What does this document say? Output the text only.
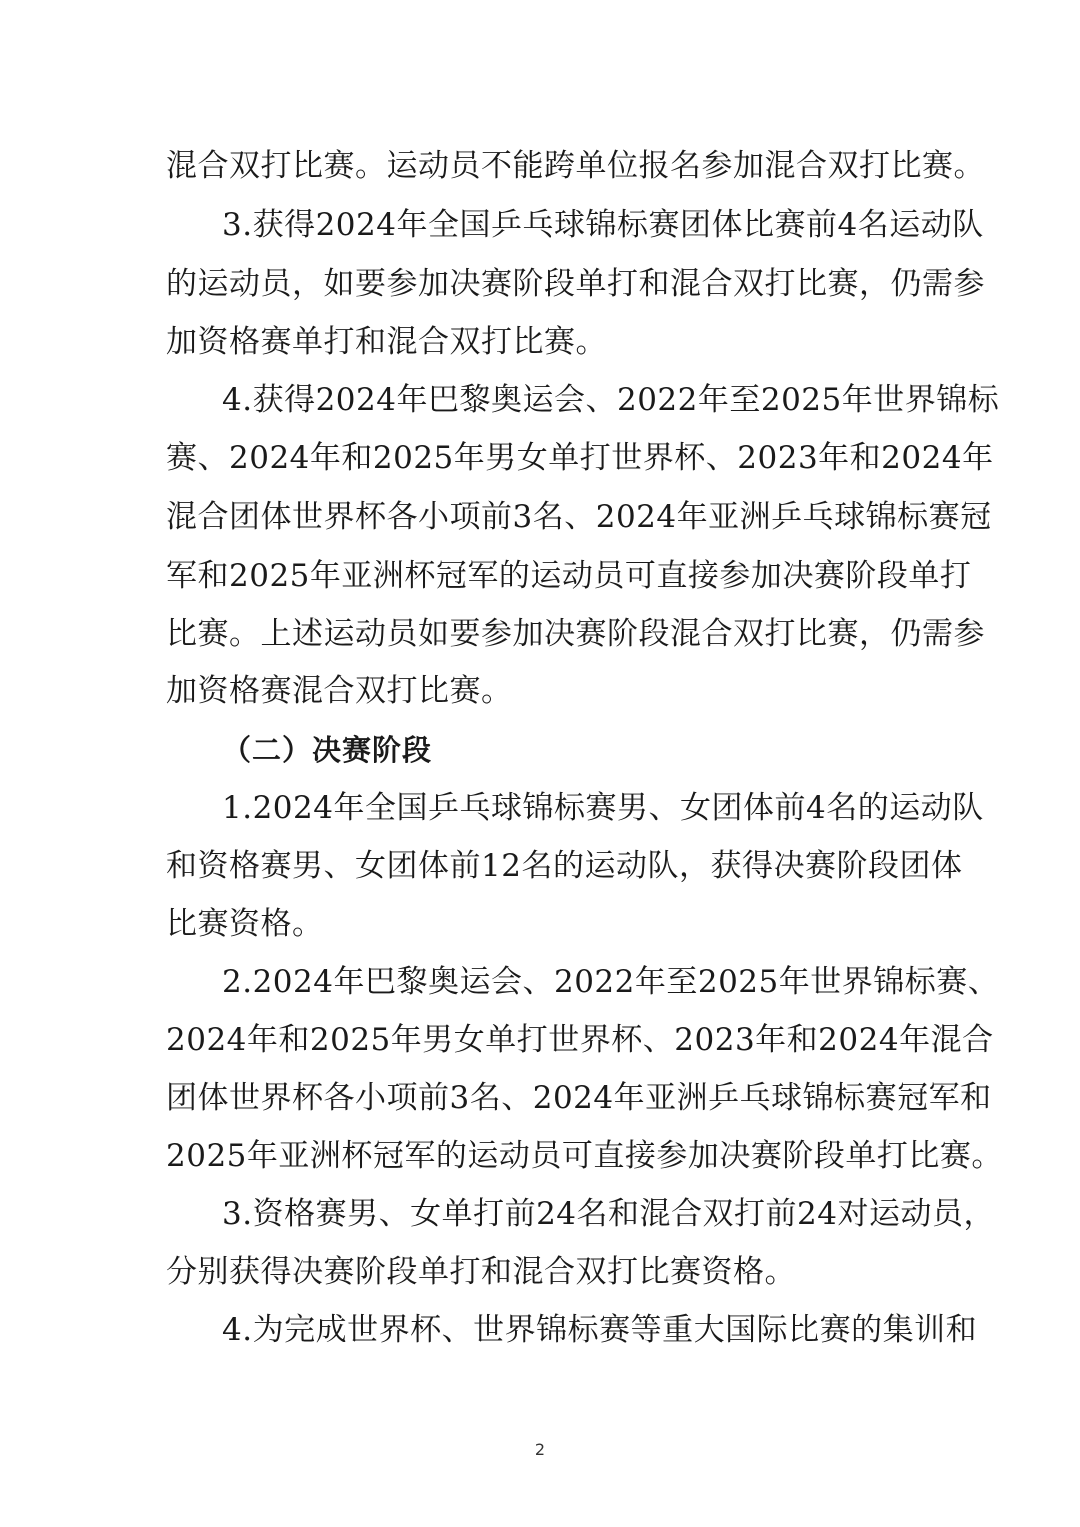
混合双打比赛。运动员不能跨单位报名参加混合双打比赛。
3.获得2024年全国乒乓球锦标赛团体比赛前4名运动队
的运动员，如要参加决赛阶段单打和混合双打比赛，仍需参
加资格赛单打和混合双打比赛。
4.获得2024年巴黎奥运会、2022年至2025年世界锦标
赛、2024年和2025年男女单打世界杯、2023年和2024年
混合团体世界杯各小项前3名、2024年亚洲乒乓球锦标赛冠
军和2025年亚洲杯冠军的运动员可直接参加决赛阶段单打
比赛。上述运动员如要参加决赛阶段混合双打比赛，仍需参
加资格赛混合双打比赛。
（二）决赛阶段
1.2024年全国乒乓球锦标赛男、女团体前4名的运动队
和资格赛男、女团体前12名的运动队，获得决赛阶段团体
比赛资格。
2.2024年巴黎奥运会、2022年至2025年世界锦标赛、
2024年和2025年男女单打世界杯、2023年和2024年混合
团体世界杯各小项前3名、2024年亚洲乒乓球锦标赛冠军和
2025年亚洲杯冠军的运动员可直接参加决赛阶段单打比赛。
3.资格赛男、女单打前24名和混合双打前24对运动员，
分别获得决赛阶段单打和混合双打比赛资格。
4.为完成世界杯、世界锦标赛等重大国际比赛的集训和
2
